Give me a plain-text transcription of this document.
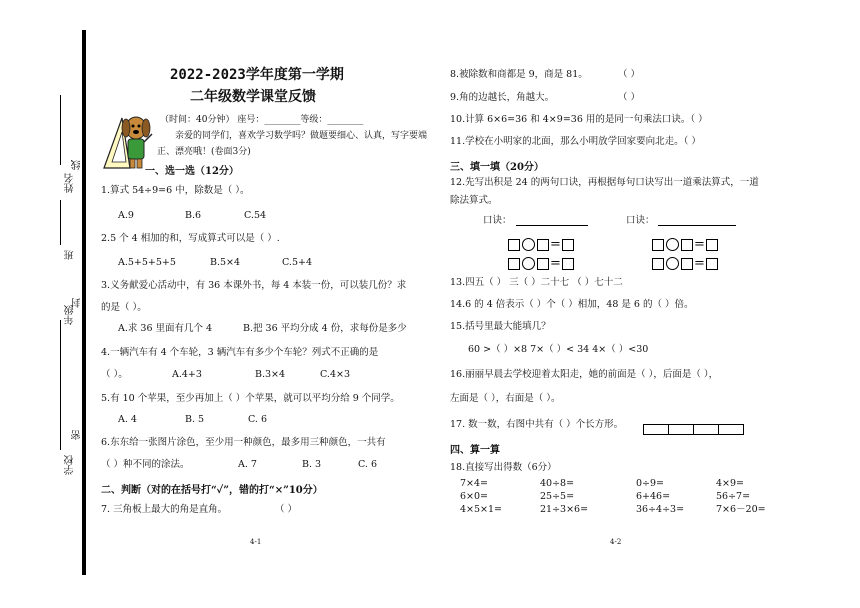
姓名
班
年级
学校
线
封
密
2022-2023学年度第一学期
二年级数学课堂反馈
（时间：40分钟） 座号：________等级：________
亲爱的同学们，喜欢学习数学吗？做题要细心、认真，写字要端
正、漂亮哦！(卷面3分)
一、选一选（12分）
1.算式 54÷9=6 中，除数是（ ）。
A.9	B.6	C.54
2.5 个 4 相加的和，写成算式可以是（ ）.
A.5+5+5+5	B.5×4	C.5+4
3.义务献爱心活动中，有 36 本课外书，每 4 本装一份，可以装几份？求
的是（ ）。
A.求 36 里面有几个 4	B.把 36 平均分成 4 份，求每份是多少
4.一辆汽车有 4 个车轮，3 辆汽车有多少个车轮？列式不正确的是
（ ）。	A.4+3	B.3×4	C.4×3
5.有 10 个苹果，至少再加上（ ）个苹果，就可以平均分给 9 个同学。
A. 4	B. 5	C. 6
6.东东给一张图片涂色，至少用一种颜色，最多用三种颜色，一共有
（ ）种不同的涂法。	A. 7	B. 3	C. 6
二、判断（对的在括号打“✓”，错的打“×”10分）
7. 三角板上最大的角是直角。	（ ）
4-1
8.被除数和商都是 9，商是 81。	（ ）
9.角的边越长，角越大。	（ ）
10.计算 6×6=36 和 4×9=36 用的是同一句乘法口诀。（ ）
11.学校在小明家的北面，那么小明放学回家要向北走。（ ）
三、填一填（20分）
12.先写出积是 24 的两句口诀，再根据每句口诀写出一道乘法算式，一道
除法算式。
口诀：	口诀：
=
=
=
=
13.四五（ ） 三（ ）二十七 （ ）七十二
14.6 的 4 倍表示（ ）个（ ）相加，48 是 6 的（ ）倍。
15.括号里最大能填几？
60 >（ ）×8 7×（ ）< 34 4×（ ）<30
16.丽丽早晨去学校迎着太阳走，她的前面是（ ），后面是（ ），
左面是（ ），右面是（ ）。
17. 数一数，右图中共有（ ）个长方形。
四、算一算
18.直接写出得数（6分）
7×4=	40÷8=	0÷9=	4×9=
6×0=	25÷5=	6+46=	56÷7=
4×5×1=	21÷3×6=	36÷4÷3=	7×6－20=
4-2
